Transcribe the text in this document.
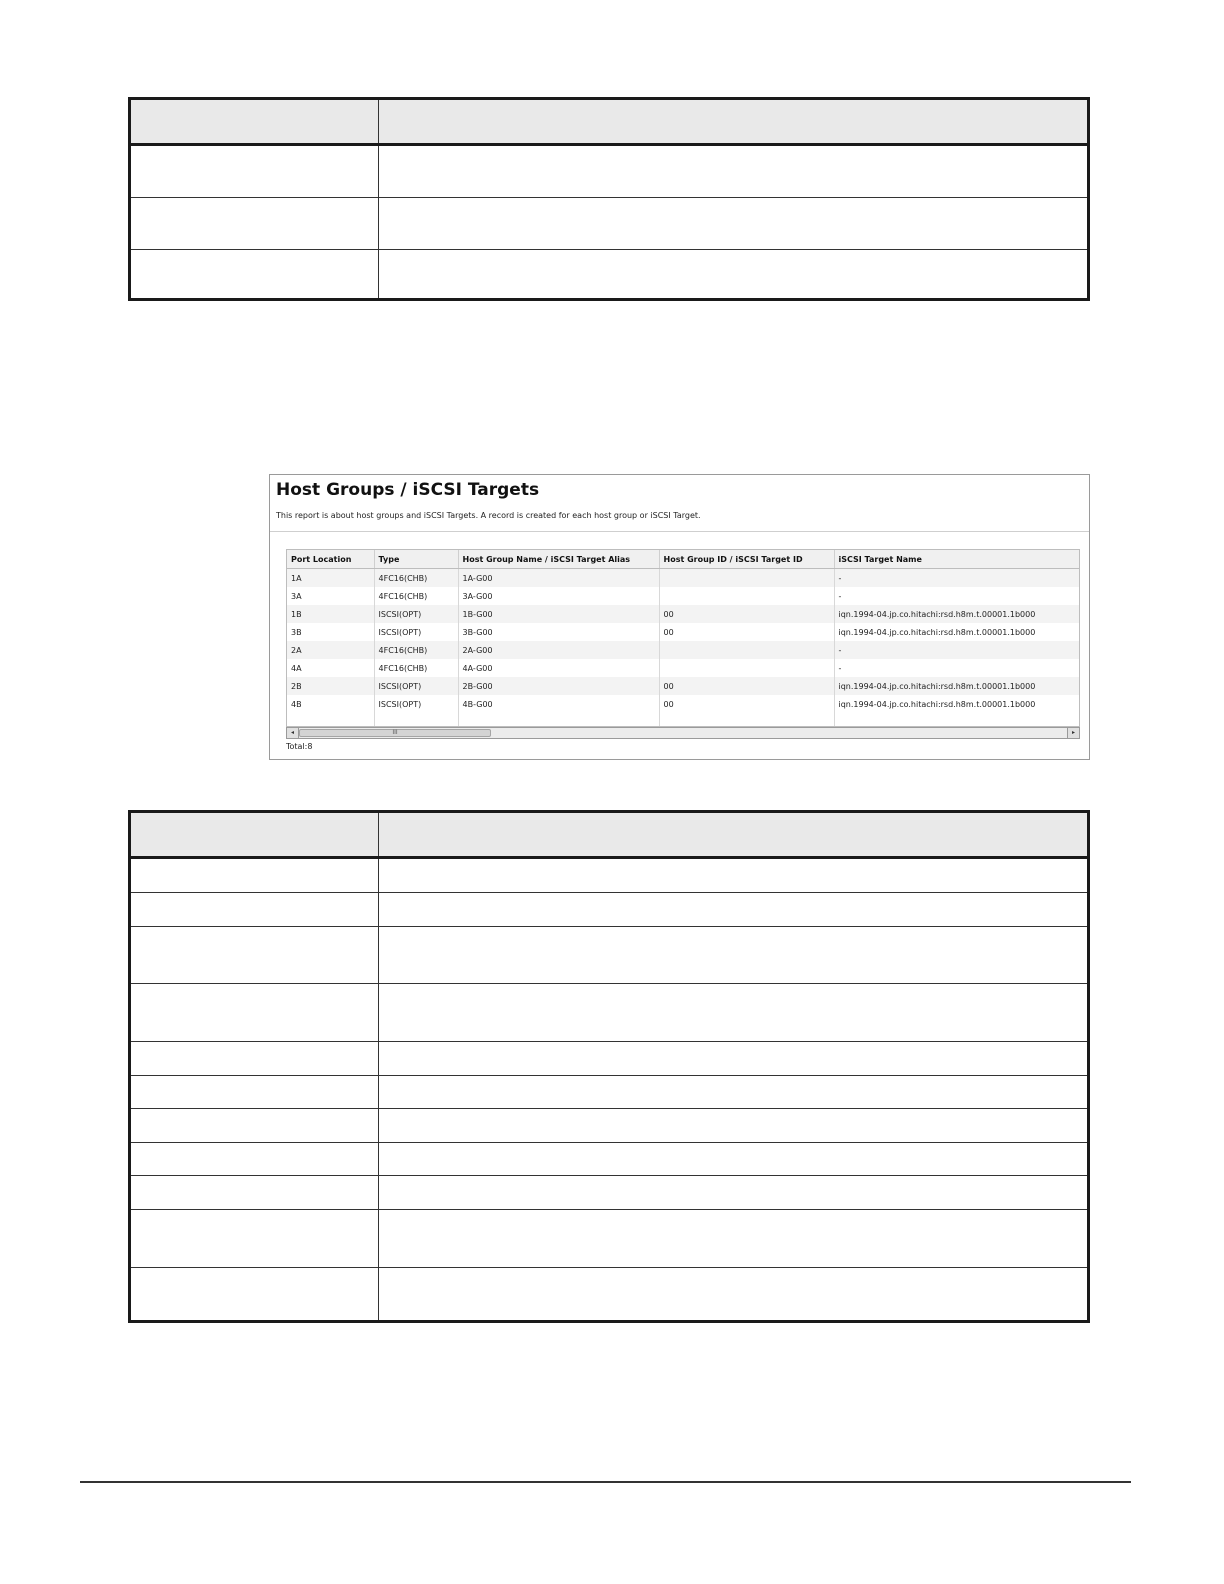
Host Groups / iSCSI Targets
This report is about host groups and iSCSI Targets. A record is created for each host group or iSCSI Target.
Port Location	Type	Host Group Name / iSCSI Target Alias	Host Group ID / iSCSI Target ID	iSCSI Target Name
1A	4FC16(CHB)	1A-G00		-
3A	4FC16(CHB)	3A-G00		-
1B	ISCSI(OPT)	1B-G00	00	iqn.1994-04.jp.co.hitachi:rsd.h8m.t.00001.1b000
3B	ISCSI(OPT)	3B-G00	00	iqn.1994-04.jp.co.hitachi:rsd.h8m.t.00001.1b000
2A	4FC16(CHB)	2A-G00		-
4A	4FC16(CHB)	4A-G00		-
2B	ISCSI(OPT)	2B-G00	00	iqn.1994-04.jp.co.hitachi:rsd.h8m.t.00001.1b000
4B	ISCSI(OPT)	4B-G00	00	iqn.1994-04.jp.co.hitachi:rsd.h8m.t.00001.1b000

◂	III	▸
Total:8
